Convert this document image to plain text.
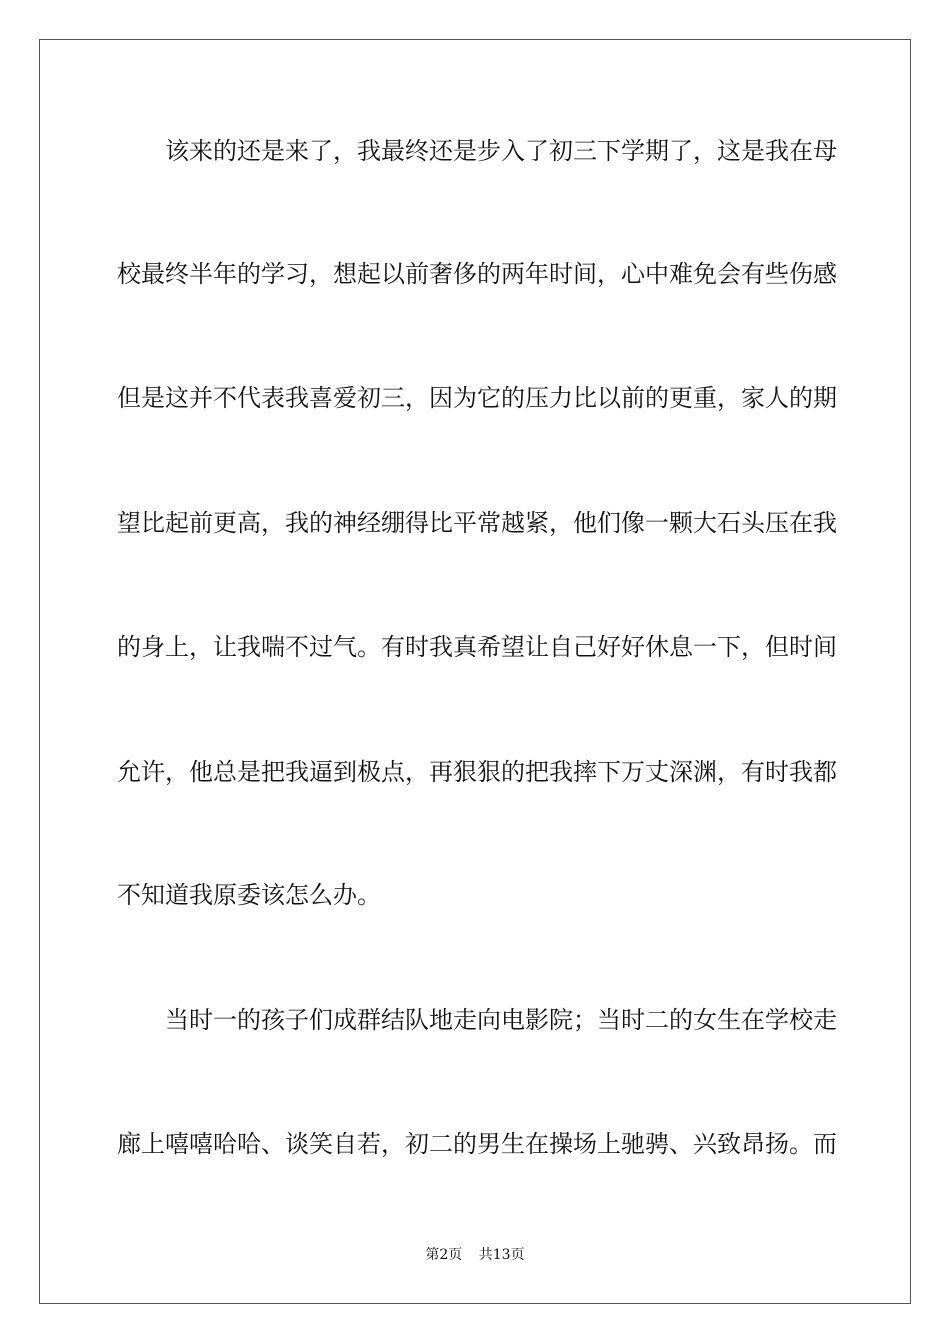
该来的还是来了，我最终还是步入了初三下学期了，这是我在母
校最终半年的学习，想起以前奢侈的两年时间，心中难免会有些伤感
但是这并不代表我喜爱初三，因为它的压力比以前的更重，家人的期
望比起前更高，我的神经绷得比平常越紧，他们像一颗大石头压在我
的身上，让我喘不过气。有时我真希望让自己好好休息一下，但时间
允许，他总是把我逼到极点，再狠狠的把我摔下万丈深渊，有时我都
不知道我原委该怎么办。
当时一的孩子们成群结队地走向电影院；当时二的女生在学校走
廊上嘻嘻哈哈、谈笑自若，初二的男生在操场上驰骋、兴致昂扬。而
第2页 共13页
